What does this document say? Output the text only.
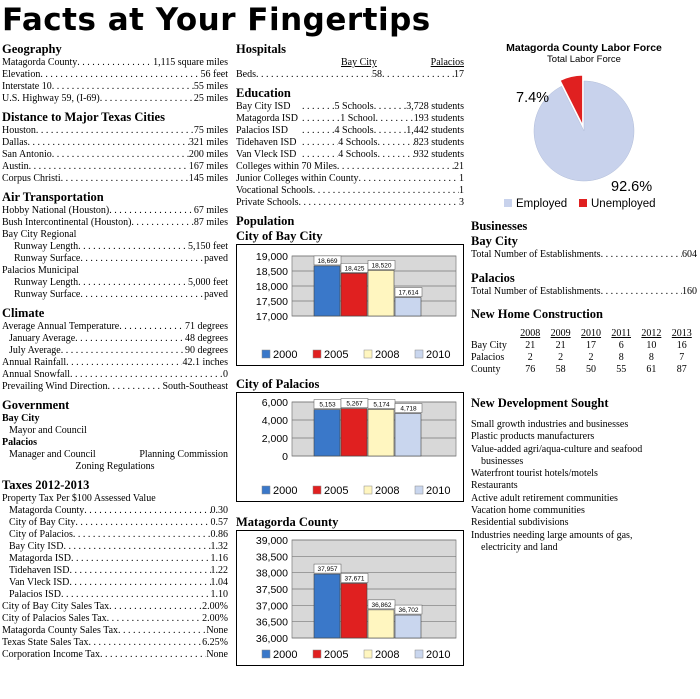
Facts at Your Fingertips
Geography
Matagorda County . . .	1,115 square miles
Elevation . . .	56 feet
Interstate 10 . . .	55 miles
U.S. Highway 59, (I-69) . . .	25 miles
Distance to Major Texas Cities
Houston . . .	75 miles
Dallas . . .	321 miles
San Antonio . . .	200 miles
Austin . . .	167 miles
Corpus Christi . . .	145 miles
Air Transportation
Hobby National (Houston) . . .	67 miles
Bush Intercontinental (Houston) . . .	87 miles
Bay City Regional
Runway Length . . .	5,150 feet
Runway Surface . . .	paved
Palacios Municipal
Runway Length . . .	5,000 feet
Runway Surface . . .	paved
Climate
Average Annual Temperature . . .	71 degrees
January Average . . .	48 degrees
July Average . . .	90 degrees
Annual Rainfall . . .	42.1 inches
Annual Snowfall . . .	0
Prevailing Wind Direction . . .	South-Southeast
Government
Bay City
Mayor and Council
Palacios
Manager and Council	Planning Commission
Zoning Regulations
Taxes 2012-2013
Property Tax Per $100 Assessed Value
Matagorda County . . .	0.30
City of Bay City . . .	0.57
City of Palacios . . .	0.86
Bay City ISD . . .	1.32
Matagorda ISD . . .	1.16
Tidehaven ISD . . .	1.22
Van Vleck ISD . . .	1.04
Palacios ISD . . .	1.10
City of Bay City Sales Tax . . .	2.00%
City of Palacios Sales Tax . . .	2.00%
Matagorda County Sales Tax . . .	None
Texas State Sales Tax . . .	6.25%
Corporation Income Tax . . .	None
Hospitals
Bay City	Palacios
Beds . . .	58 . . .	17
Education
Bay City ISD . . .	5 Schools . . .	3,728 students
Matagorda ISD . . .	1 School . . .	193 students
Palacios ISD . . .	4 Schools . . .	1,442 students
Tidehaven ISD . . .	4 Schools . . .	823 students
Van Vleck ISD . . .	4 Schools . . .	932 students
Colleges within 70 Miles . . .	21
Junior Colleges within County . . .	1
Vocational Schools . . .	1
Private Schools . . .	3
Population
City of Bay City
17,000
17,500
18,000
18,500
19,000	18,669
18,425 18,520
17,614
2000 2005 2008 2010
City of Palacios
0
2,000
4,000
6,000	5,153 5,267 5,174
4,718
2000 2005 2008 2010
Matagorda County
36,000
36,500
37,000
37,500
38,000
38,500
39,000
37,957
37,671
36,862
36,702
2000 2005 2008 2010
Matagorda County Labor Force
Total Labor Force
7.4%
92.6%
Employed Unemployed
Businesses
Bay City
Total Number of Establishments . . .	604
Palacios
Total Number of Establishments . . .	160
New Home Construction
	2008	2009	2010	2011	2012	2013
Bay City	21	21	17	6	10	16
Palacios	2	2	2	8	8	7
County	76	58	50	55	61	87
New Development Sought
Small growth industries and businesses
Plastic products manufacturers
Value-added agri/aqua-culture and seafood
businesses
Waterfront tourist hotels/motels
Restaurants
Active adult retirement communities
Vacation home communities
Residential subdivisions
Industries needing large amounts of gas,
electricity and land
